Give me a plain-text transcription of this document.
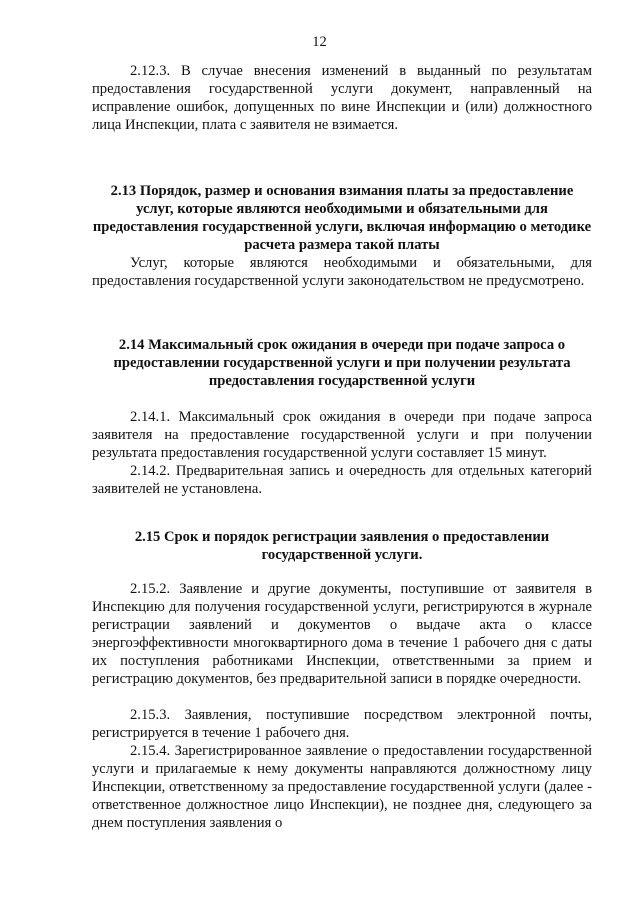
12

2.12.3. В случае внесения изменений в выданный по результатам предоставления государственной услуги документ, направленный на исправление ошибок, допущенных по вине Инспекции и (или) должностного лица Инспекции, плата с заявителя не взимается.

2.13 Порядок, размер и основания взимания платы за предоставление услуг, которые являются необходимыми и обязательными для предоставления государственной услуги, включая информацию о методике расчета размера такой платы

Услуг, которые являются необходимыми и обязательными, для предоставления государственной услуги законодательством не предусмотрено.

2.14 Максимальный срок ожидания в очереди при подаче запроса о предоставлении государственной услуги и при получении результата предоставления государственной услуги

2.14.1. Максимальный срок ожидания в очереди при подаче запроса заявителя на предоставление государственной услуги и при получении результата предоставления государственной услуги составляет 15 минут.

2.14.2. Предварительная запись и очередность для отдельных категорий заявителей не установлена.

2.15 Срок и порядок регистрации заявления о предоставлении государственной услуги.

2.15.2. Заявление и другие документы, поступившие от заявителя в Инспекцию для получения государственной услуги, регистрируются в журнале регистрации заявлений и документов о выдаче акта о классе энергоэффективности многоквартирного дома в течение 1 рабочего дня с даты их поступления работниками Инспекции, ответственными за прием и регистрацию документов, без предварительной записи в порядке очередности.

2.15.3. Заявления, поступившие посредством электронной почты, регистрируется в течение 1 рабочего дня.

2.15.4. Зарегистрированное заявление о предоставлении государственной услуги и прилагаемые к нему документы направляются должностному лицу Инспекции, ответственному за предоставление государственной услуги (далее - ответственное должностное лицо Инспекции), не позднее дня, следующего за днем поступления заявления о
